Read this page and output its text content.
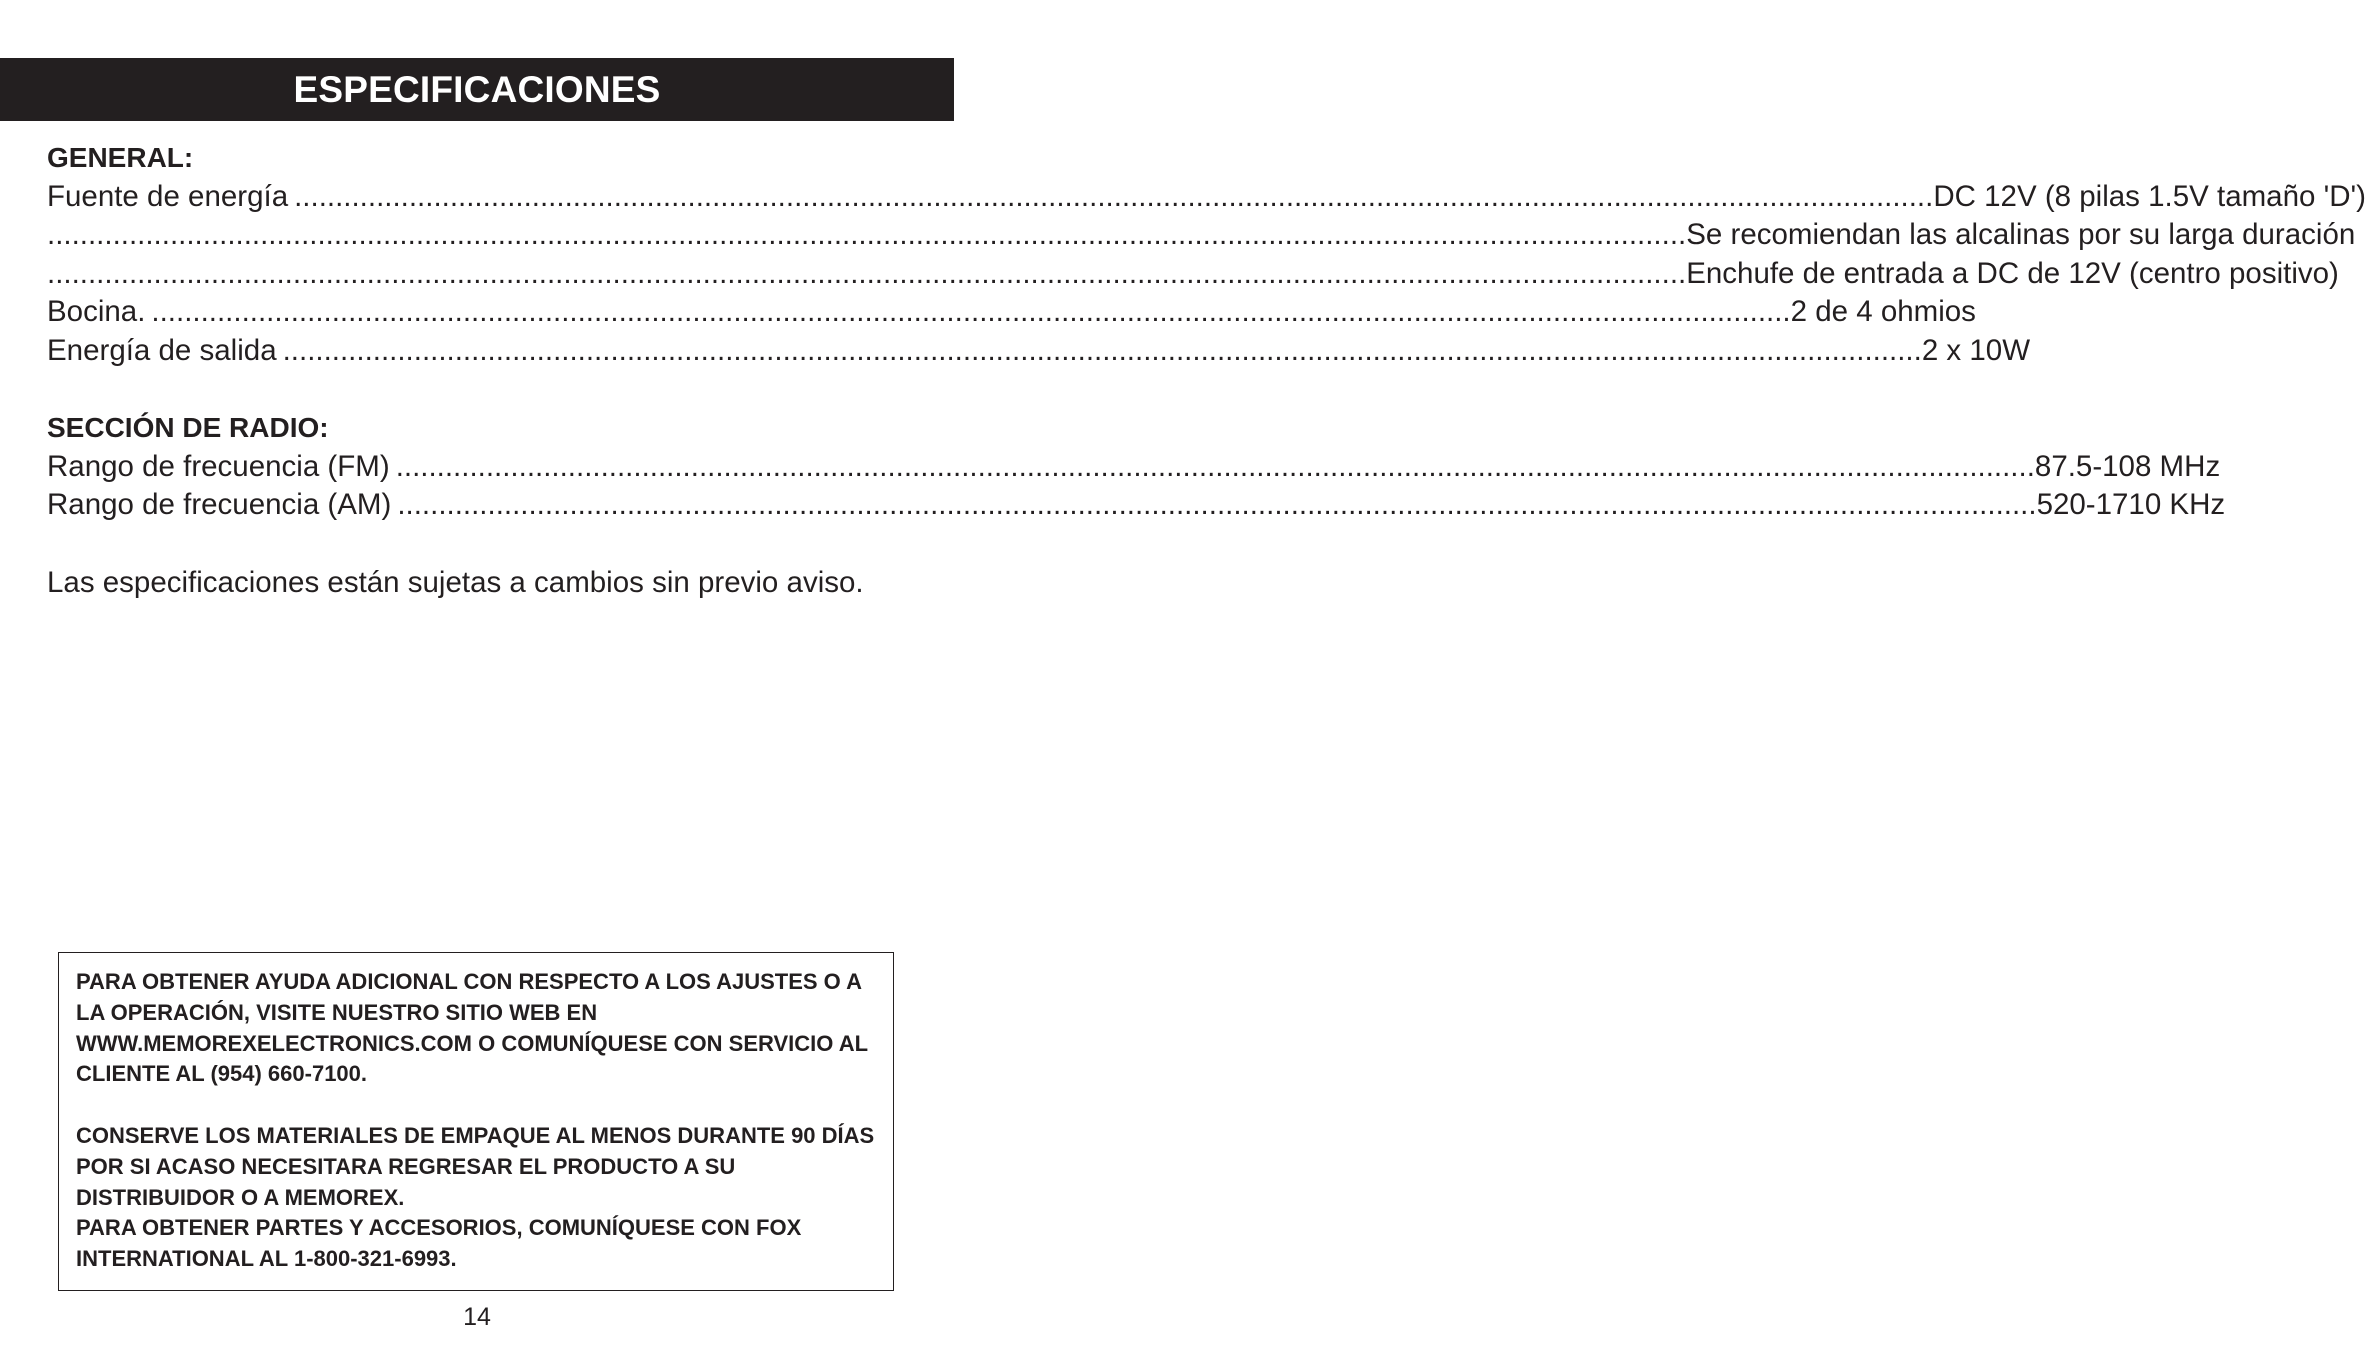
ESPECIFICACIONES
GENERAL:
Fuente de energía ........................................................................................................................................................................................................ DC 12V (8 pilas 1.5V tamaño 'D')
........................................................................................................................................................................................................ Se recomiendan las alcalinas por su larga duración
........................................................................................................................................................................................................ Enchufe de entrada a DC de 12V (centro positivo)
Bocina. ........................................................................................................................................................................................................ 2 de 4 ohmios
Energía de salida ........................................................................................................................................................................................................ 2 x 10W
SECCIÓN DE RADIO:
Rango de frecuencia (FM) ........................................................................................................................................................................................................ 87.5-108 MHz
Rango de frecuencia (AM) ........................................................................................................................................................................................................ 520-1710 KHz
Las especificaciones están sujetas a cambios sin previo aviso.

PARA OBTENER AYUDA ADICIONAL CON RESPECTO A LOS AJUSTES O A LA OPERACIÓN, VISITE NUESTRO SITIO WEB EN WWW.MEMOREXELECTRONICS.COM O COMUNÍQUESE CON SERVICIO AL CLIENTE AL (954) 660-7100.

CONSERVE LOS MATERIALES DE EMPAQUE AL MENOS DURANTE 90 DÍAS POR SI ACASO NECESITARA REGRESAR EL PRODUCTO A SU DISTRIBUIDOR O A MEMOREX.

PARA OBTENER PARTES Y ACCESORIOS, COMUNÍQUESE CON FOX INTERNATIONAL AL 1-800-321-6993.

14
